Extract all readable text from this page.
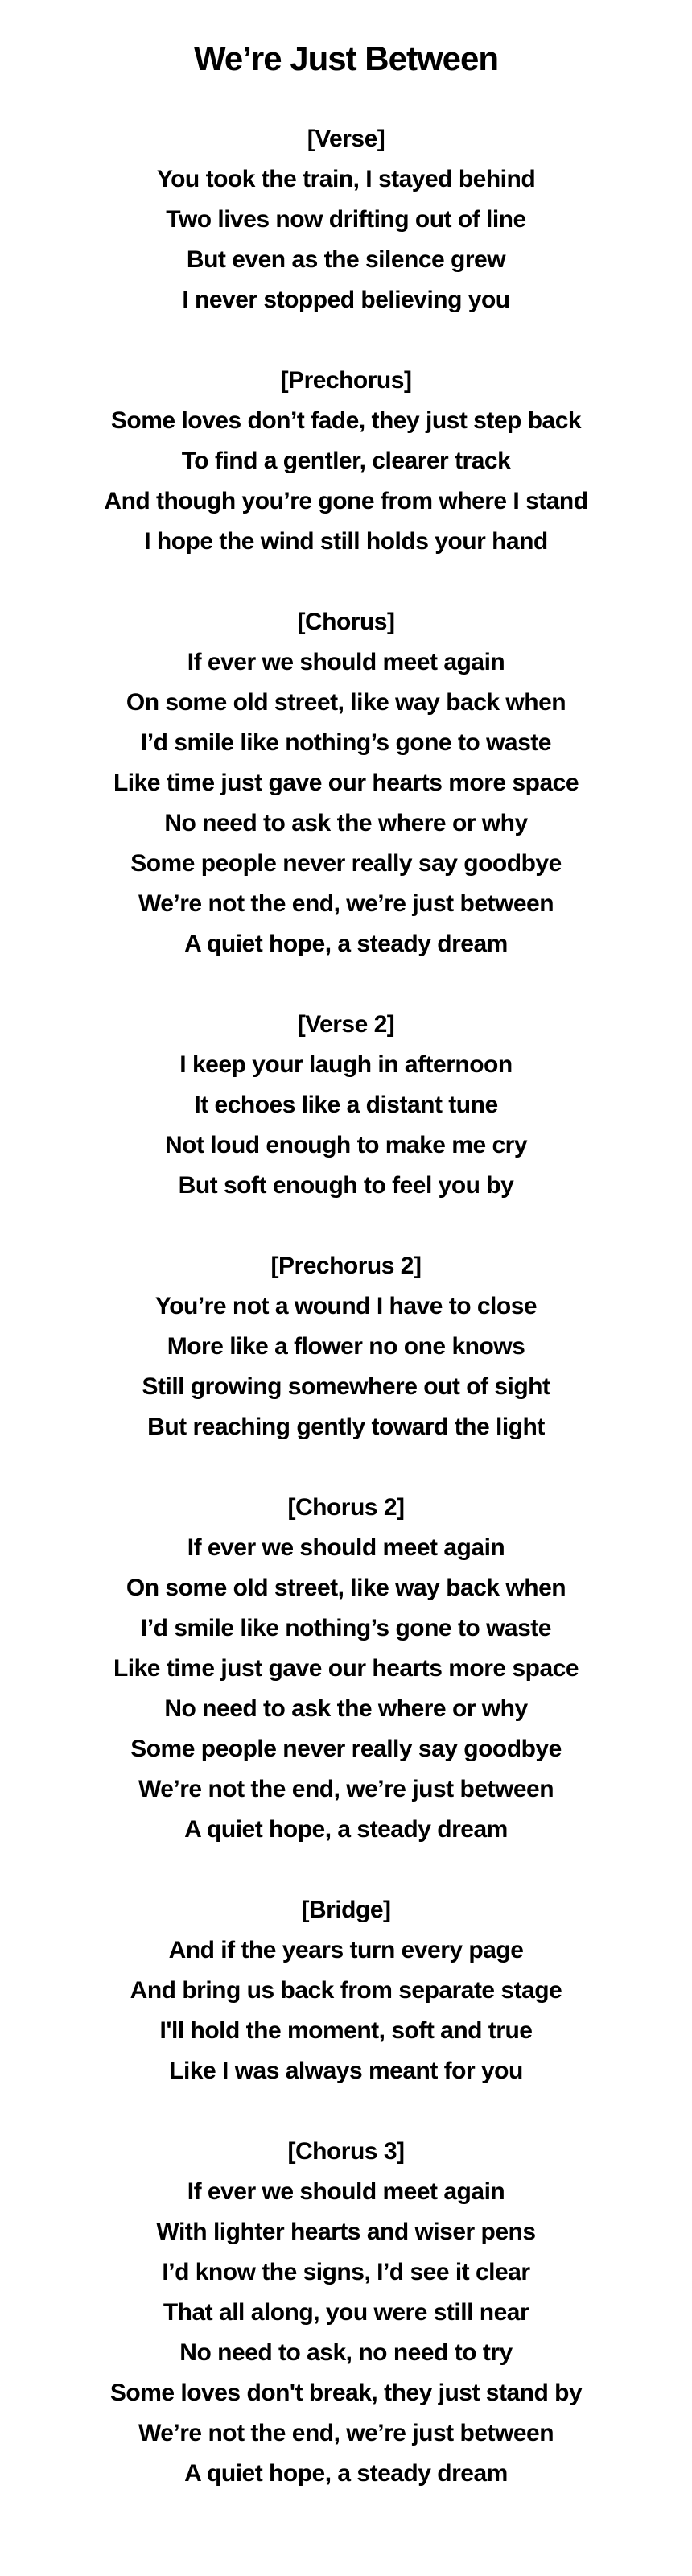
We’re Just Between

[Verse]

You took the train, I stayed behind

Two lives now drifting out of line

But even as the silence grew

I never stopped believing you

[Prechorus]

Some loves don’t fade, they just step back

To find a gentler, clearer track

And though you’re gone from where I stand

I hope the wind still holds your hand

[Chorus]

If ever we should meet again

On some old street, like way back when

I’d smile like nothing’s gone to waste

Like time just gave our hearts more space

No need to ask the where or why

Some people never really say goodbye

We’re not the end, we’re just between

A quiet hope, a steady dream

[Verse 2]

I keep your laugh in afternoon

It echoes like a distant tune

Not loud enough to make me cry

But soft enough to feel you by

[Prechorus 2]

You’re not a wound I have to close

More like a flower no one knows

Still growing somewhere out of sight

But reaching gently toward the light

[Chorus 2]

If ever we should meet again

On some old street, like way back when

I’d smile like nothing’s gone to waste

Like time just gave our hearts more space

No need to ask the where or why

Some people never really say goodbye

We’re not the end, we’re just between

A quiet hope, a steady dream

[Bridge]

And if the years turn every page

And bring us back from separate stage

I'll hold the moment, soft and true

Like I was always meant for you

[Chorus 3]

If ever we should meet again

With lighter hearts and wiser pens

I’d know the signs, I’d see it clear

That all along, you were still near

No need to ask, no need to try

Some loves don't break, they just stand by

We’re not the end, we’re just between

A quiet hope, a steady dream
